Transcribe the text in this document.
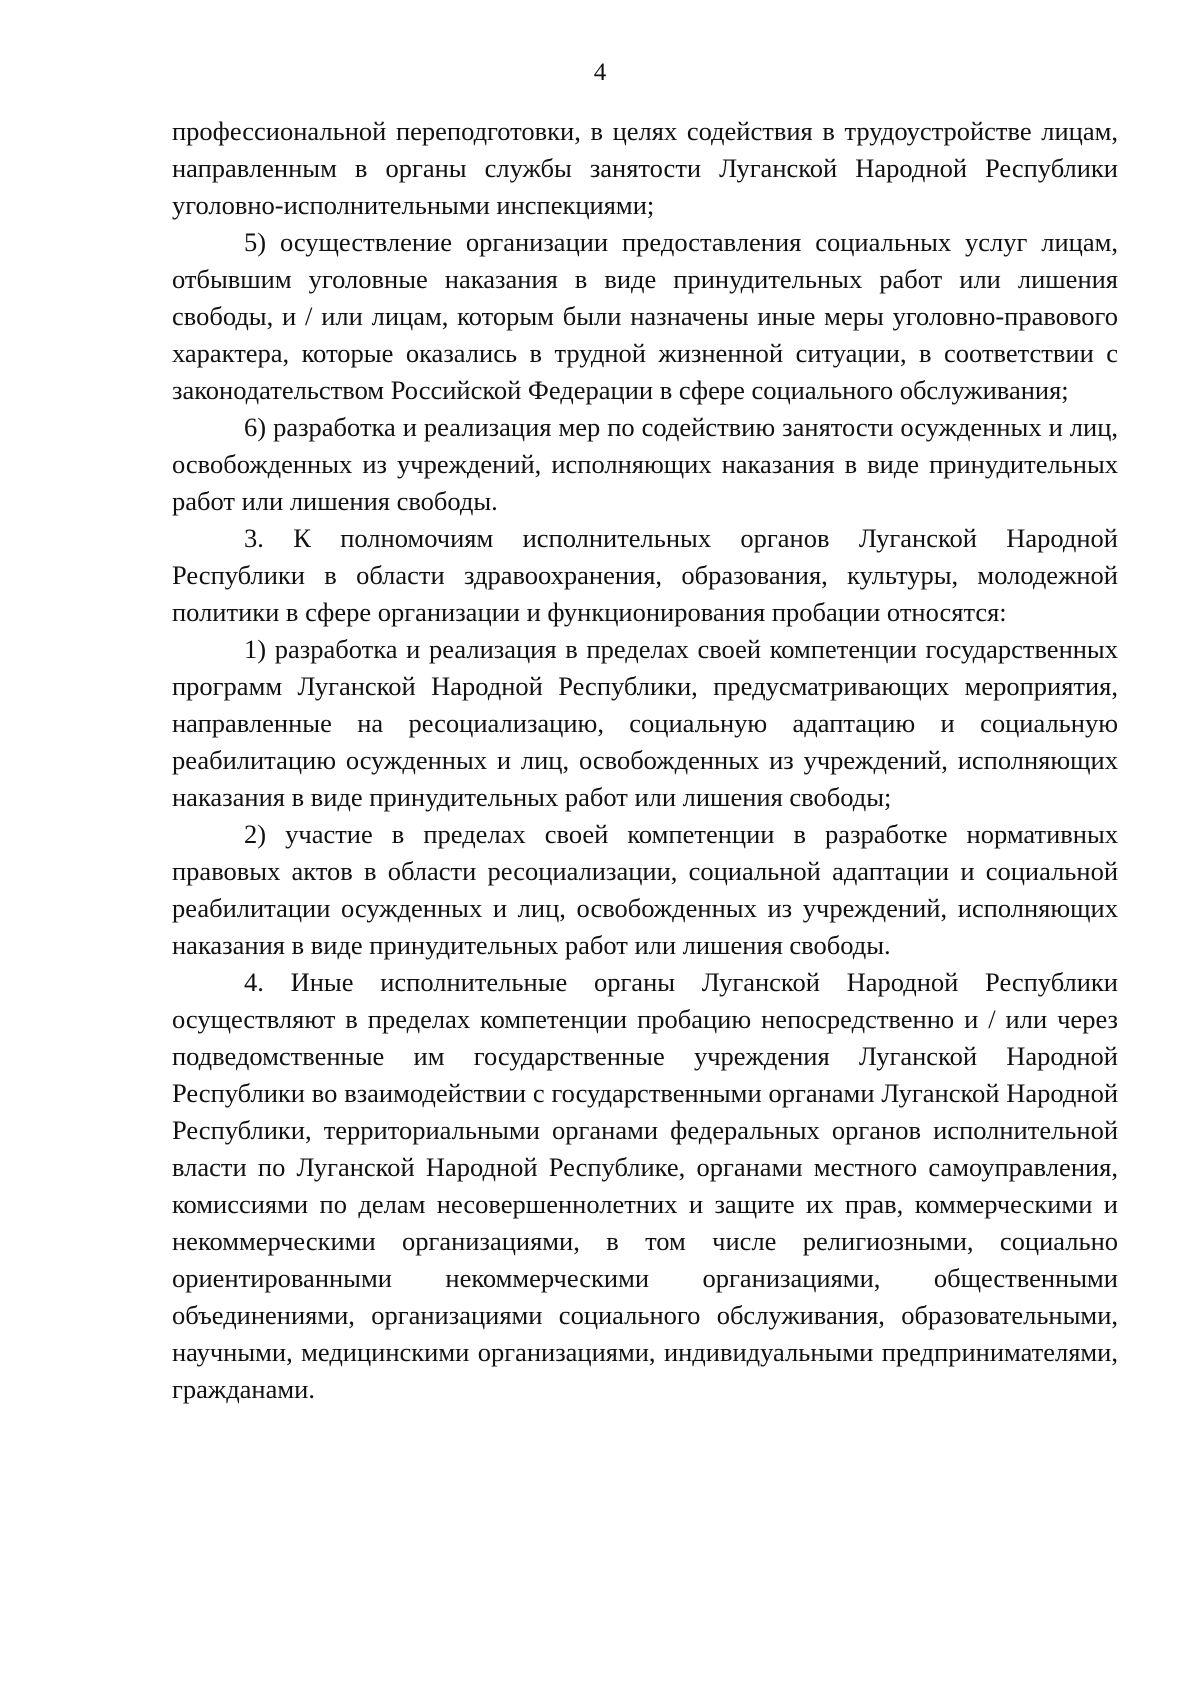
4

профессиональной переподготовки, в целях содействия в трудоустройстве лицам, направленным в органы службы занятости Луганской Народной Республики уголовно-исполнительными инспекциями;

5) осуществление организации предоставления социальных услуг лицам, отбывшим уголовные наказания в виде принудительных работ или лишения свободы, и / или лицам, которым были назначены иные меры уголовно-правового характера, которые оказались в трудной жизненной ситуации, в соответствии с законодательством Российской Федерации в сфере социального обслуживания;

6) разработка и реализация мер по содействию занятости осужденных и лиц, освобожденных из учреждений, исполняющих наказания в виде принудительных работ или лишения свободы.

3. К полномочиям исполнительных органов Луганской Народной Республики в области здравоохранения, образования, культуры, молодежной политики в сфере организации и функционирования пробации относятся:

1) разработка и реализация в пределах своей компетенции государственных программ Луганской Народной Республики, предусматривающих мероприятия, направленные на ресоциализацию, социальную адаптацию и социальную реабилитацию осужденных и лиц, освобожденных из учреждений, исполняющих наказания в виде принудительных работ или лишения свободы;

2) участие в пределах своей компетенции в разработке нормативных правовых актов в области ресоциализации, социальной адаптации и социальной реабилитации осужденных и лиц, освобожденных из учреждений, исполняющих наказания в виде принудительных работ или лишения свободы.

4. Иные исполнительные органы Луганской Народной Республики осуществляют в пределах компетенции пробацию непосредственно и / или через подведомственные им государственные учреждения Луганской Народной Республики во взаимодействии с государственными органами Луганской Народной Республики, территориальными органами федеральных органов исполнительной власти по Луганской Народной Республике, органами местного самоуправления, комиссиями по делам несовершеннолетних и защите их прав, коммерческими и некоммерческими организациями, в том числе религиозными, социально ориентированными некоммерческими организациями, общественными объединениями, организациями социального обслуживания, образовательными, научными, медицинскими организациями, индивидуальными предпринимателями, гражданами.
